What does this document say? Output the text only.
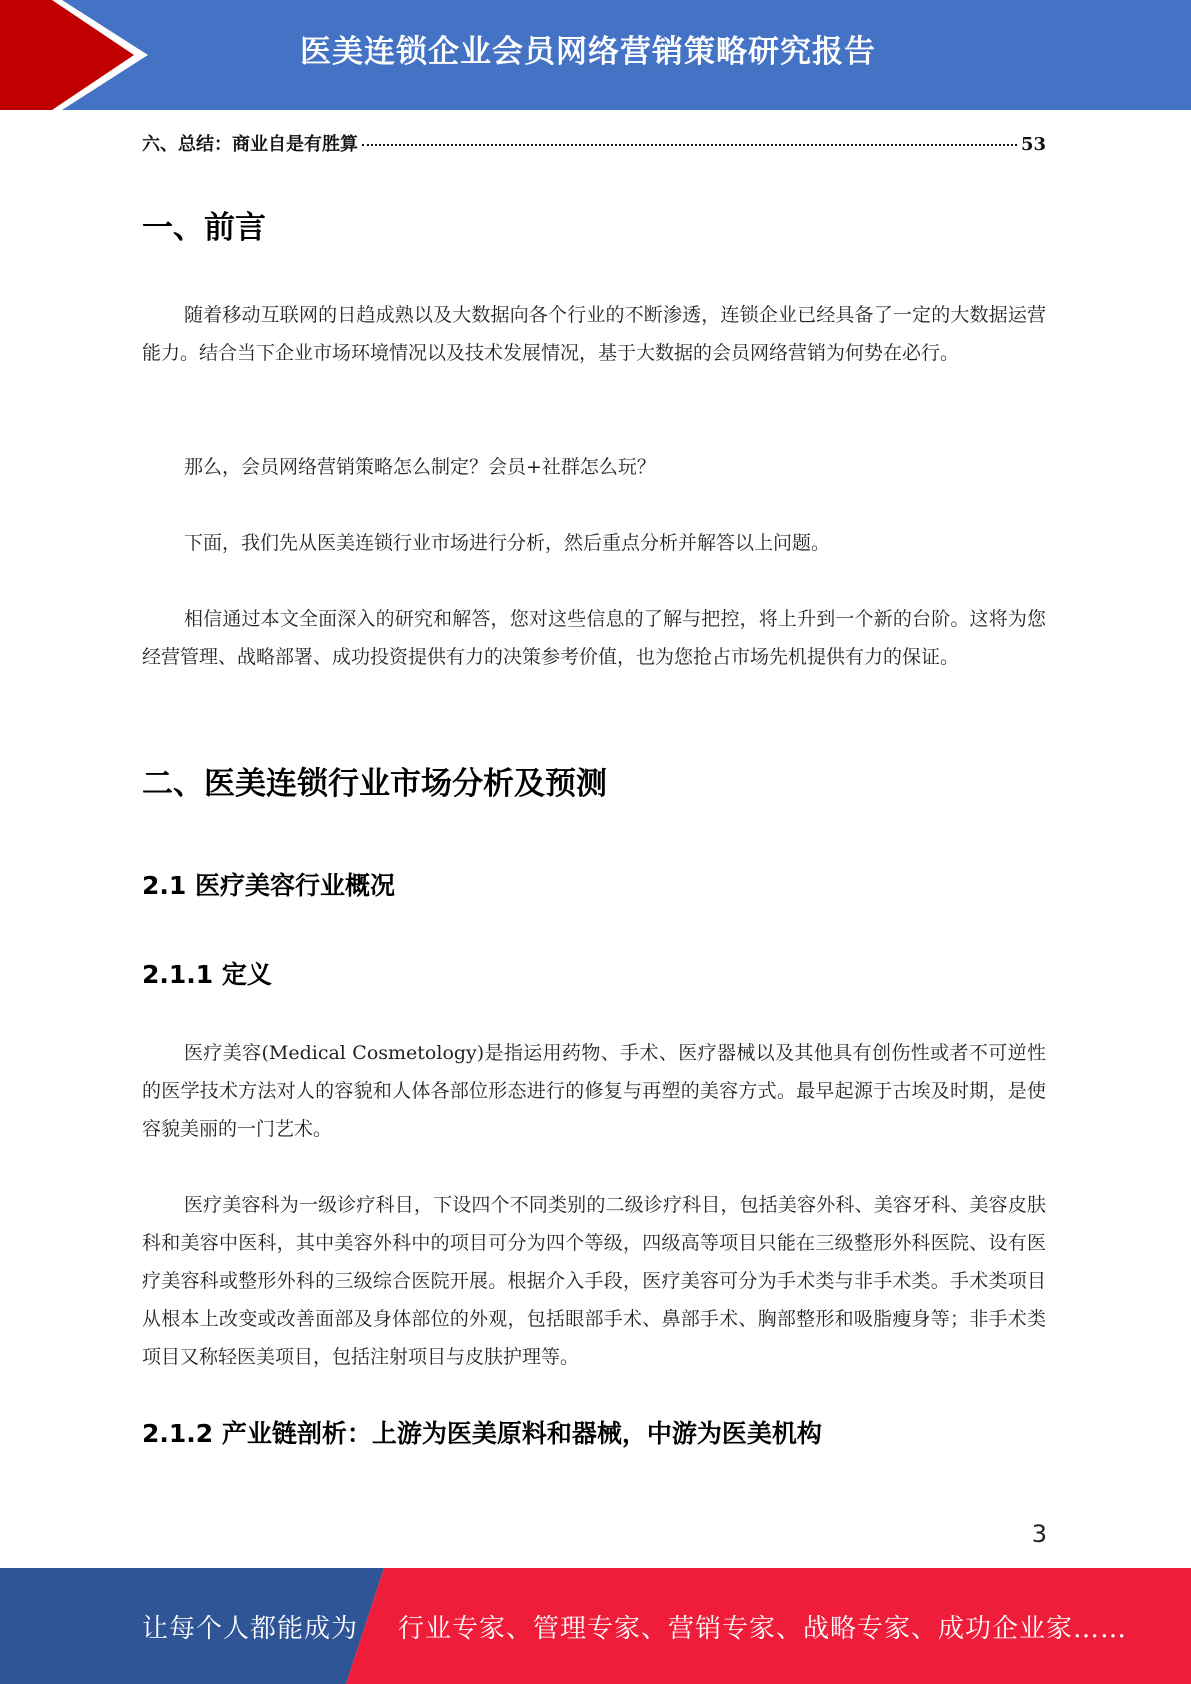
医美连锁企业会员网络营销策略研究报告
六、总结：商业自是有胜算	53
一、前言

随着移动互联网的日趋成熟以及大数据向各个行业的不断渗透，连锁企业已经具备了一定的大数据运营能力。结合当下企业市场环境情况以及技术发展情况，基于大数据的会员网络营销为何势在必行。

那么，会员网络营销策略怎么制定？会员+社群怎么玩？

下面，我们先从医美连锁行业市场进行分析，然后重点分析并解答以上问题。

相信通过本文全面深入的研究和解答，您对这些信息的了解与把控，将上升到一个新的台阶。这将为您经营管理、战略部署、成功投资提供有力的决策参考价值，也为您抢占市场先机提供有力的保证。

二、医美连锁行业市场分析及预测
2.1 医疗美容行业概况
2.1.1 定义

医疗美容(Medical Cosmetology)是指运用药物、手术、医疗器械以及其他具有创伤性或者不可逆性的医学技术方法对人的容貌和人体各部位形态进行的修复与再塑的美容方式。最早起源于古埃及时期，是使容貌美丽的一门艺术。

医疗美容科为一级诊疗科目，下设四个不同类别的二级诊疗科目，包括美容外科、美容牙科、美容皮肤科和美容中医科，其中美容外科中的项目可分为四个等级，四级高等项目只能在三级整形外科医院、设有医疗美容科或整形外科的三级综合医院开展。根据介入手段，医疗美容可分为手术类与非手术类。手术类项目从根本上改变或改善面部及身体部位的外观，包括眼部手术、鼻部手术、胸部整形和吸脂瘦身等；非手术类项目又称轻医美项目，包括注射项目与皮肤护理等。

2.1.2 产业链剖析：上游为医美原料和器械，中游为医美机构
3
让每个人都能成为 行业专家、管理专家、营销专家、战略专家、成功企业家……
